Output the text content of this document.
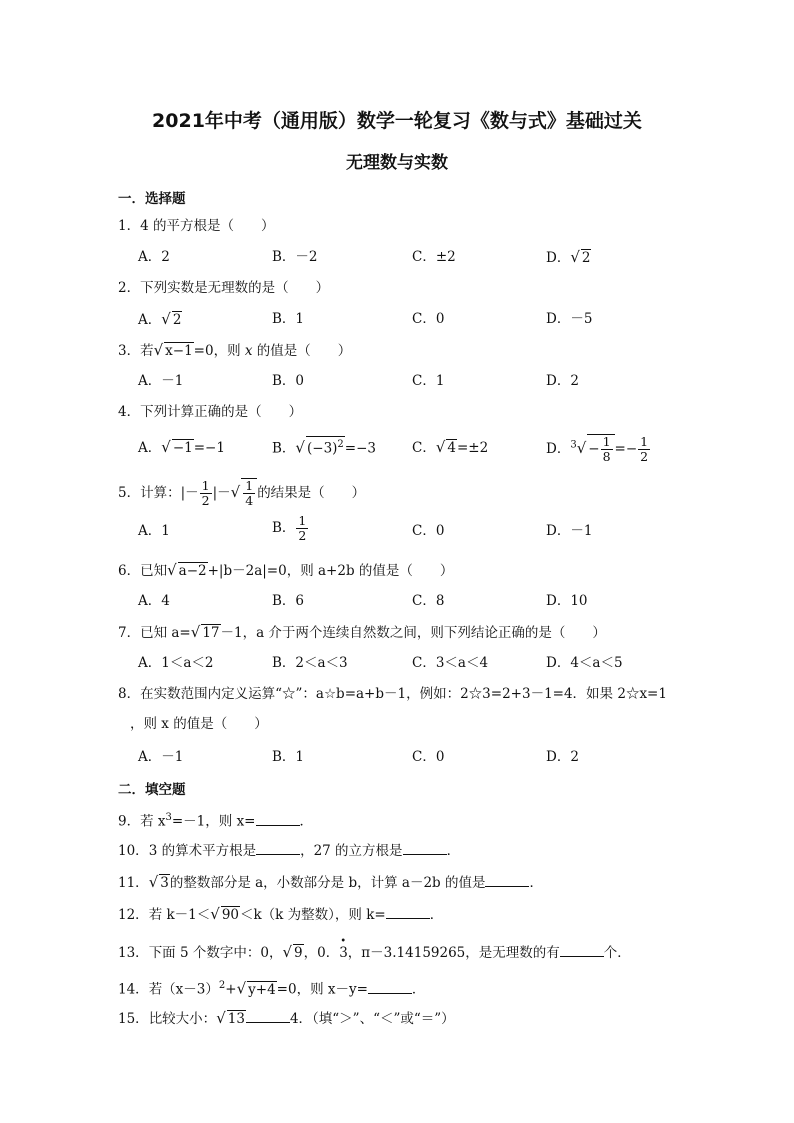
2021年中考（通用版）数学一轮复习《数与式》基础过关
无理数与实数
一．选择题
1．4 的平方根是（　　）
A．2	B．－2	C．±2	D．√ 2
2．下列实数是无理数的是（　　）
A．√ 2	B．1	C．0	D．－5
3．若√ x−1=0，则 x 的值是（　　）
A．－1	B．0	C．1	D．2
4．下列计算正确的是（　　）
A．√ −1=−1	B．√ $(-3)^2=-3$	C．√ 4=±2	D．$^3√ - \frac{1}{8} =- \frac{1}{2}$
5．计算：|－ $\frac{1}{2}$ |－√ $\frac{1}{4}$ 的结果是（　　）
A．1	B． $\frac{1}{2}$	C．0	D．－1
6．已知√ a−2+|b－2a|=0，则 a+2b 的值是（　　）
A．4	B．6	C．8	D．10
7．已知 a=√ 17－1，a 介于两个连续自然数之间，则下列结论正确的是（　　）
A．1＜a＜2	B．2＜a＜3	C．3＜a＜4	D．4＜a＜5
8．在实数范围内定义运算“☆”：a☆b=a+b－1，例如：2☆3=2+3－1=4．如果 2☆x=1
，则 x 的值是（　　）
A．－1	B．1	C．0	D．2
二．填空题
9．若 $x^3=-1$，则 x=	．
10．3 的算术平方根是	，27 的立方根是	．
11．√ 3的整数部分是 a，小数部分是 b，计算 a－2b 的值是	．
12．若 k－1＜√ 90＜k（k 为整数），则 k=	．
13．下面 5 个数字中：0，√ 9，0．• 3，π－3.14159265，是无理数的有	个．
14．若$(x-3)^2+√$ y+4=0，则 x－y=	．
15．比较大小：√ 13	4．（填“＞”、“＜”或“＝”）
